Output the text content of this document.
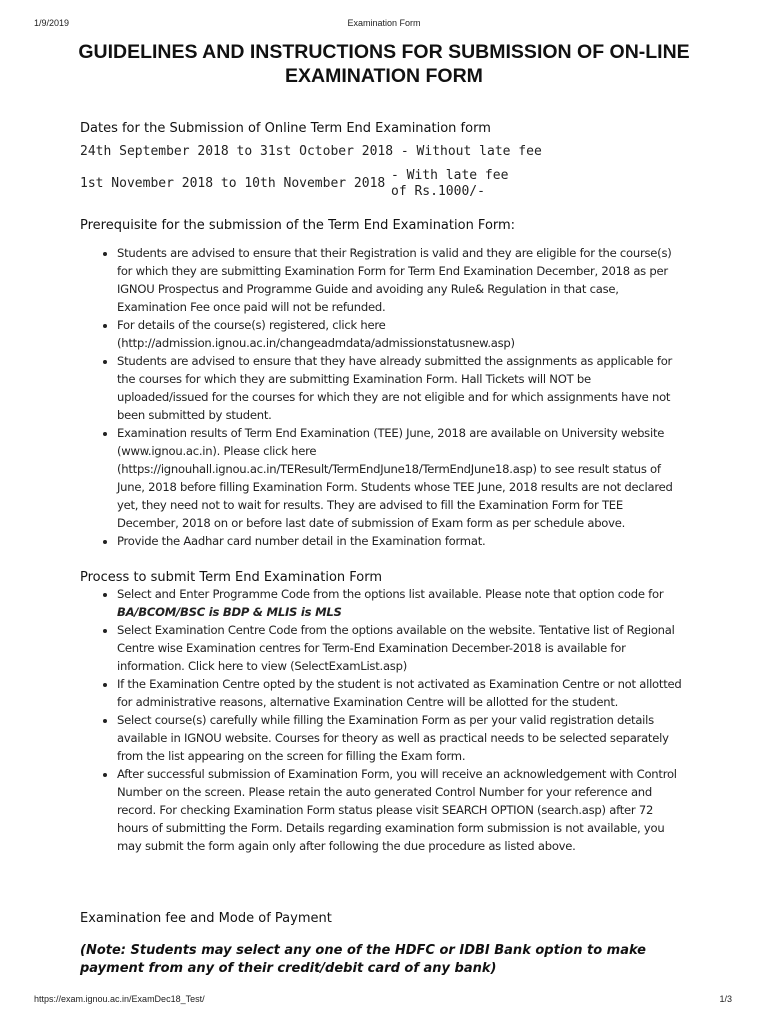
1/9/2019	Examination Form
GUIDELINES AND INSTRUCTIONS FOR SUBMISSION OF ON-LINE EXAMINATION FORM
Dates for the Submission of Online Term End Examination form
24th September 2018 to 31st October 2018 - Without late fee
1st November 2018 to 10th November 2018
- With late fee of Rs.1000/-
Prerequisite for the submission of the Term End Examination Form:
• Students are advised to ensure that their Registration is valid and they are eligible for the course(s) for which they are submitting Examination Form for Term End Examination December, 2018 as per IGNOU Prospectus and Programme Guide and avoiding any Rule& Regulation in that case, Examination Fee once paid will not be refunded.
• For details of the course(s) registered, click here (http://admission.ignou.ac.in/changeadmdata/admissionstatusnew.asp)
• Students are advised to ensure that they have already submitted the assignments as applicable for the courses for which they are submitting Examination Form. Hall Tickets will NOT be uploaded/issued for the courses for which they are not eligible and for which assignments have not been submitted by student.
• Examination results of Term End Examination (TEE) June, 2018 are available on University website (www.ignou.ac.in). Please click here (https://ignouhall.ignou.ac.in/TEResult/TermEndJune18/TermEndJune18.asp) to see result status of June, 2018 before filling Examination Form. Students whose TEE June, 2018 results are not declared yet, they need not to wait for results. They are advised to fill the Examination Form for TEE December, 2018 on or before last date of submission of Exam form as per schedule above.
• Provide the Aadhar card number detail in the Examination format.
Process to submit Term End Examination Form
• Select and Enter Programme Code from the options list available. Please note that option code for BA/BCOM/BSC is BDP & MLIS is MLS
• Select Examination Centre Code from the options available on the website. Tentative list of Regional Centre wise Examination centres for Term-End Examination December-2018 is available for information. Click here to view (SelectExamList.asp)
• If the Examination Centre opted by the student is not activated as Examination Centre or not allotted for administrative reasons, alternative Examination Centre will be allotted for the student.
• Select course(s) carefully while filling the Examination Form as per your valid registration details available in IGNOU website. Courses for theory as well as practical needs to be selected separately from the list appearing on the screen for filling the Exam form.
• After successful submission of Examination Form, you will receive an acknowledgement with Control Number on the screen. Please retain the auto generated Control Number for your reference and record. For checking Examination Form status please visit SEARCH OPTION (search.asp) after 72 hours of submitting the Form. Details regarding examination form submission is not available, you may submit the form again only after following the due procedure as listed above.
Examination fee and Mode of Payment
(Note: Students may select any one of the HDFC or IDBI Bank option to make payment from any of their credit/debit card of any bank)
https://exam.ignou.ac.in/ExamDec18_Test/	1/3
